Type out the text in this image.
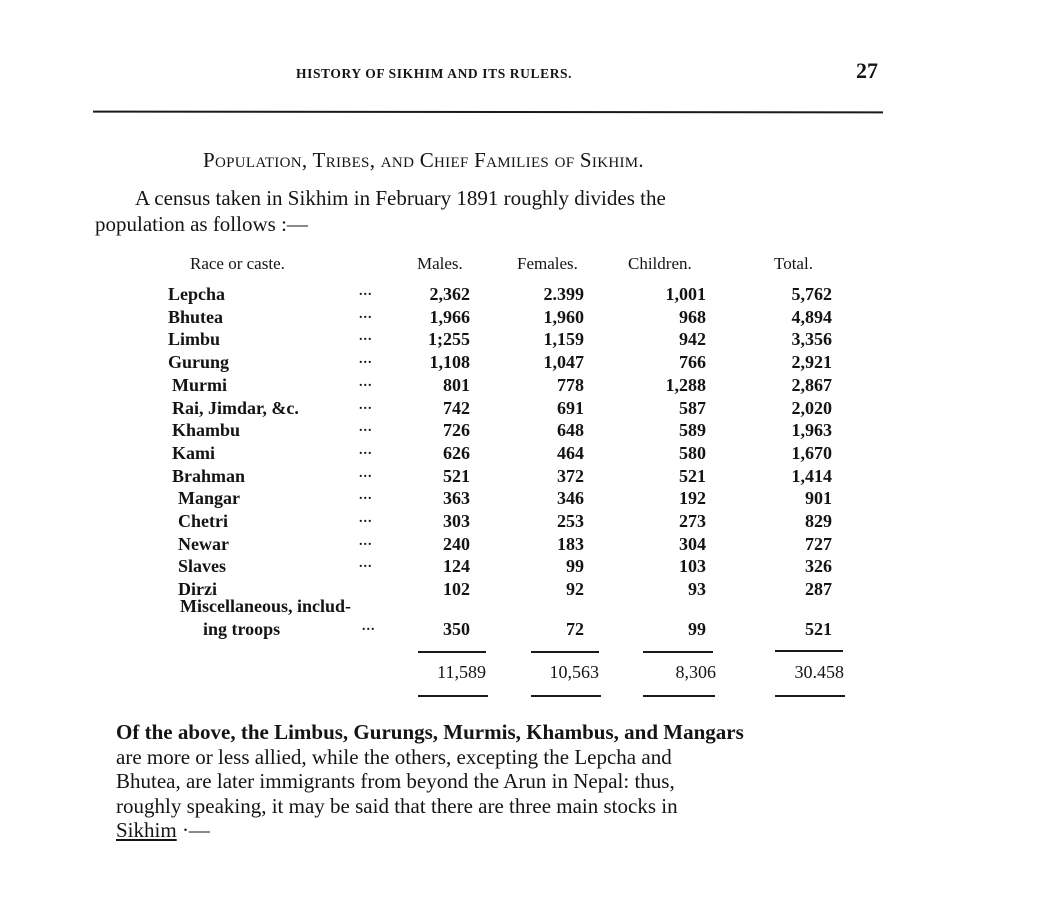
HISTORY OF SIKHIM AND ITS RULERS.	27
Population, Tribes, and Chief Families of Sikhim.
A census taken in Sikhim in February 1891 roughly divides the
population as follows :—
Race or caste.	Males.	Females.	Children.	Total.
Lepcha	...	2,362	2.399	1,001	5,762
Bhutea	...	1,966	1,960	968	4,894
Limbu	...	1;255	1,159	942	3,356
Gurung	...	1,108	1,047	766	2,921
Murmi	...	801	778	1,288	2,867
Rai, Jimdar, &c.	...	742	691	587	2,020
Khambu	...	726	648	589	1,963
Kami	...	626	464	580	1,670
Brahman	...	521	372	521	1,414
Mangar	...	363	346	192	901
Chetri	...	303	253	273	829
Newar	...	240	183	304	727
Slaves	...	124	99	103	326
Dirzi	102	92	93	287
Miscellaneous, includ-
ing troops	...	350	72	99	521
11,589	10,563	8,306	30.458
Of the above, the Limbus, Gurungs, Murmis, Khambus, and Mangars
are more or less allied, while the others, excepting the Lepcha and
Bhutea, are later immigrants from beyond the Arun in Nepal: thus,
roughly speaking, it may be said that there are three main stocks in
Sikhim ·—
